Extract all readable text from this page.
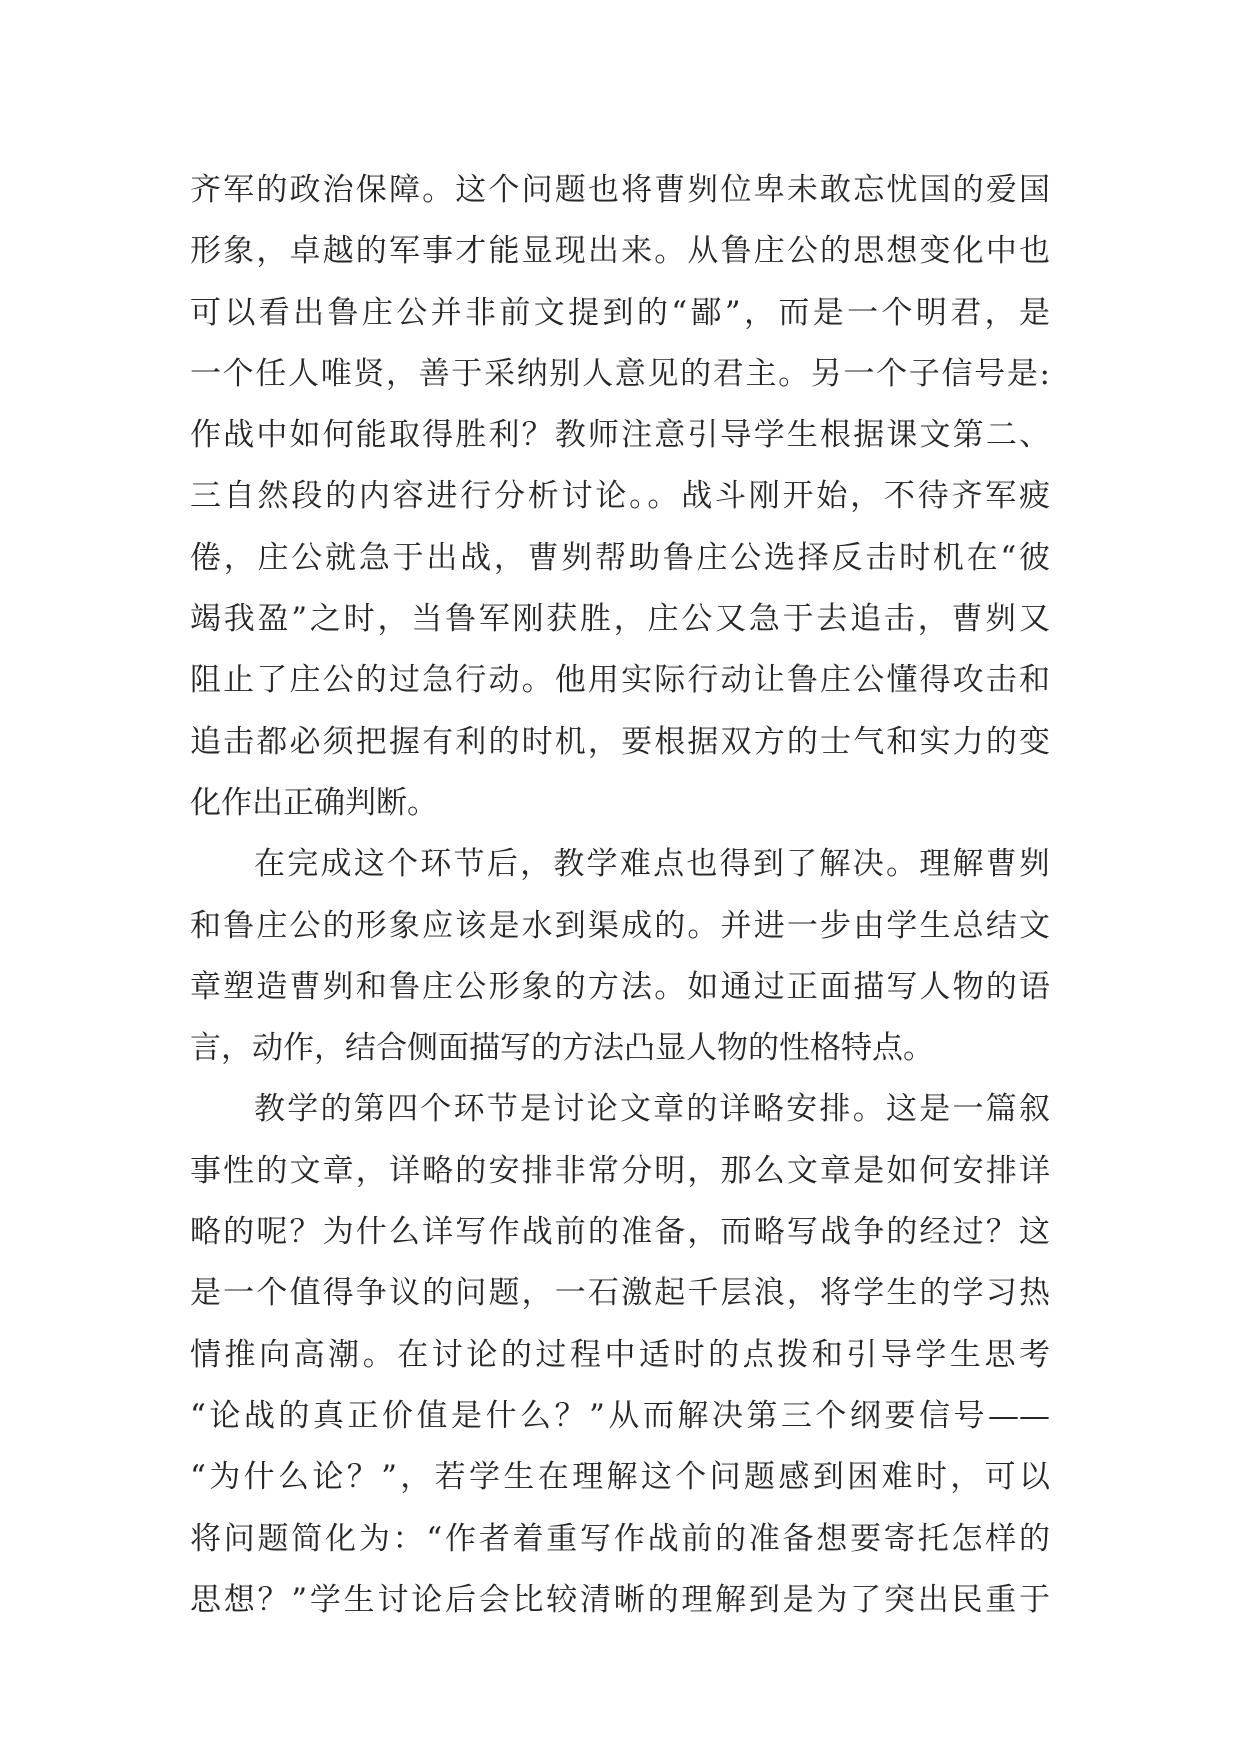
齐军的政治保障。这个问题也将曹刿位卑未敢忘忧国的爱国
形象，卓越的军事才能显现出来。从鲁庄公的思想变化中也
可以看出鲁庄公并非前文提到的“鄙”，而是一个明君，是
一个任人唯贤，善于采纳别人意见的君主。另一个子信号是:
作战中如何能取得胜利？教师注意引导学生根据课文第二、
三自然段的内容进行分析讨论。。战斗刚开始，不待齐军疲
倦，庄公就急于出战，曹刿帮助鲁庄公选择反击时机在“彼
竭我盈”之时，当鲁军刚获胜，庄公又急于去追击，曹刿又
阻止了庄公的过急行动。他用实际行动让鲁庄公懂得攻击和
追击都必须把握有利的时机，要根据双方的士气和实力的变
化作出正确判断。
在完成这个环节后，教学难点也得到了解决。理解曹刿
和鲁庄公的形象应该是水到渠成的。并进一步由学生总结文
章塑造曹刿和鲁庄公形象的方法。如通过正面描写人物的语
言，动作，结合侧面描写的方法凸显人物的性格特点。
教学的第四个环节是讨论文章的详略安排。这是一篇叙
事性的文章，详略的安排非常分明，那么文章是如何安排详
略的呢？为什么详写作战前的准备，而略写战争的经过？这
是一个值得争议的问题，一石激起千层浪，将学生的学习热
情推向高潮。在讨论的过程中适时的点拨和引导学生思考
“论战的真正价值是什么？”从而解决第三个纲要信号——
“为什么论？”，若学生在理解这个问题感到困难时，可以
将问题简化为：“作者着重写作战前的准备想要寄托怎样的
思想？”学生讨论后会比较清晰的理解到是为了突出民重于
